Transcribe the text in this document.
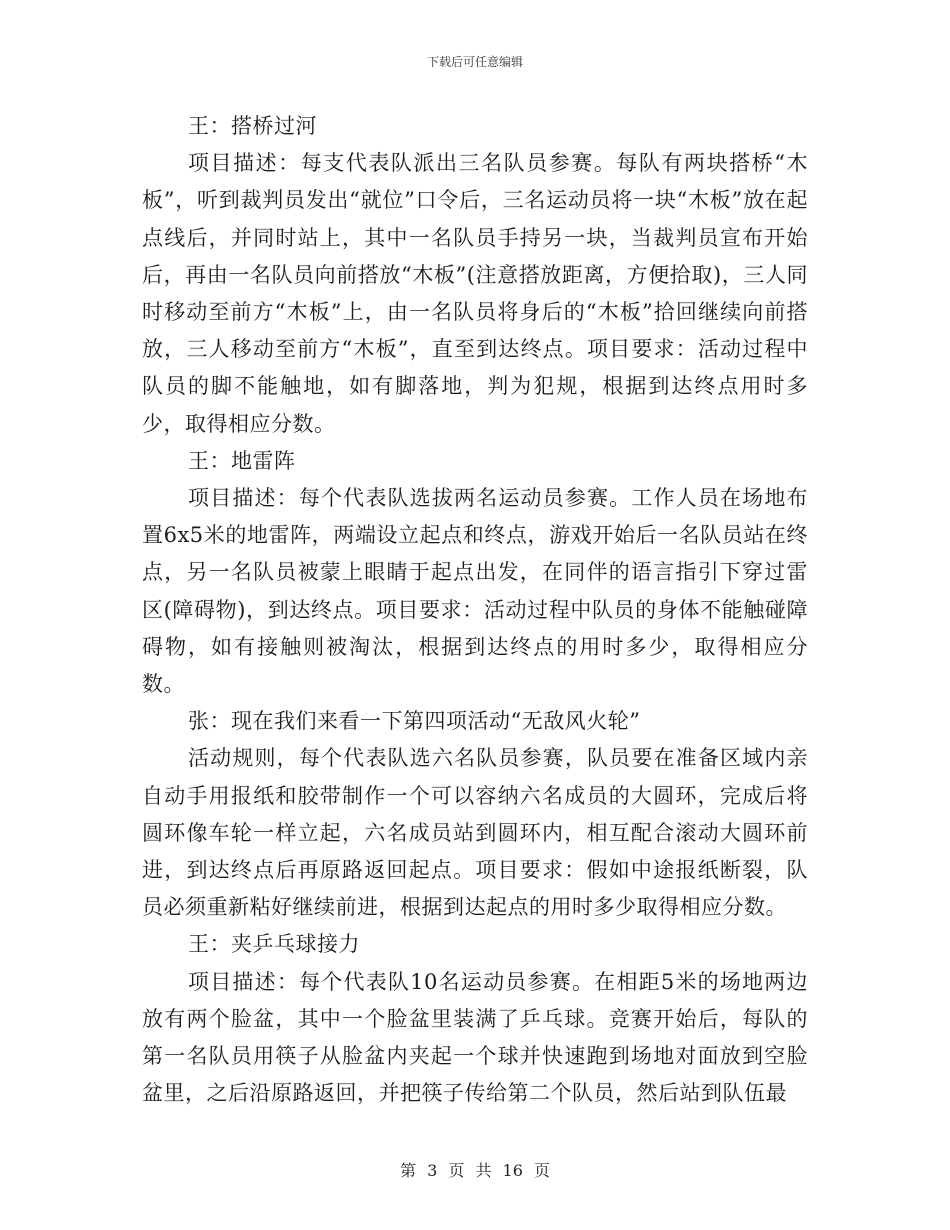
下载后可任意编辑

王：搭桥过河

项目描述：每支代表队派出三名队员参赛。每队有两块搭桥“木板”，听到裁判员发出“就位”口令后，三名运动员将一块“木板”放在起点线后，并同时站上，其中一名队员手持另一块，当裁判员宣布开始后，再由一名队员向前搭放“木板”(注意搭放距离，方便拾取)，三人同时移动至前方“木板”上，由一名队员将身后的“木板”拾回继续向前搭放，三人移动至前方“木板”，直至到达终点。项目要求：活动过程中队员的脚不能触地，如有脚落地，判为犯规，根据到达终点用时多少，取得相应分数。

王：地雷阵

项目描述：每个代表队选拔两名运动员参赛。工作人员在场地布置6x5米的地雷阵，两端设立起点和终点，游戏开始后一名队员站在终点，另一名队员被蒙上眼睛于起点出发，在同伴的语言指引下穿过雷区(障碍物)，到达终点。项目要求：活动过程中队员的身体不能触碰障碍物，如有接触则被淘汰，根据到达终点的用时多少，取得相应分数。

张：现在我们来看一下第四项活动“无敌风火轮”

活动规则，每个代表队选六名队员参赛，队员要在准备区域内亲自动手用报纸和胶带制作一个可以容纳六名成员的大圆环，完成后将圆环像车轮一样立起，六名成员站到圆环内，相互配合滚动大圆环前进，到达终点后再原路返回起点。项目要求：假如中途报纸断裂，队员必须重新粘好继续前进，根据到达起点的用时多少取得相应分数。

王：夹乒乓球接力

项目描述：每个代表队10名运动员参赛。在相距5米的场地两边放有两个脸盆，其中一个脸盆里装满了乒乓球。竞赛开始后，每队的第一名队员用筷子从脸盆内夹起一个球并快速跑到场地对面放到空脸盆里，之后沿原路返回，并把筷子传给第二个队员，然后站到队伍最

第 3 页 共 16 页
